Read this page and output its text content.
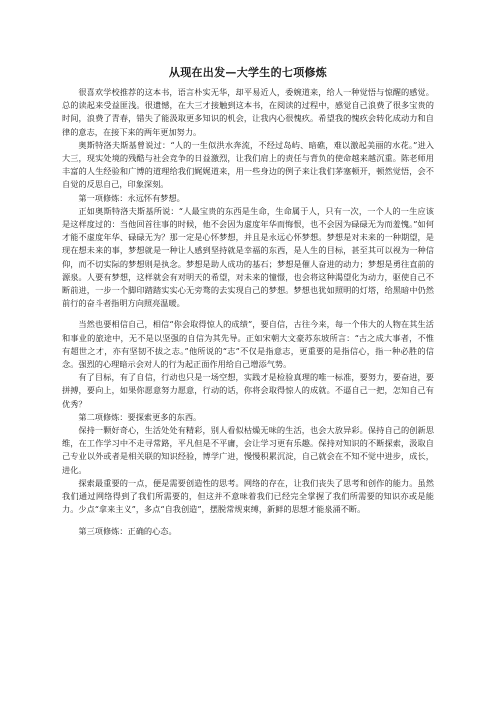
从现在出发—大学生的七项修炼

很喜欢学校推荐的这本书，语言朴实无华，却平易近人，委婉道来，给人一种觉悟与惊醒的感觉。总的读起来受益匪浅。很遗憾，在大三才接触到这本书，在阅读的过程中，感觉自己浪费了很多宝贵的时间，浪费了青春，错失了能汲取更多知识的机会，让我内心很愧疚。希望我的愧疚会转化成动力和自律的意志，在接下来的两年更加努力。

奥斯特洛夫斯基曾说过：“人的一生似洪水奔流，不经过岛屿、暗礁，难以激起美丽的水花。”进入大三，现实处境的残酷与社会竞争的日益激烈，让我们肩上的责任与背负的使命越来越沉重。陈老师用丰富的人生经验和广博的道理给我们娓娓道来，用一些身边的例子来让我们茅塞顿开，顿然觉悟，会不自觉的反思自己，印象深刻。

第一项修炼：永远怀有梦想。

正如奥斯特洛夫斯基所说：“人最宝贵的东西是生命，生命属于人，只有一次，一个人的一生应该是这样度过的：当他回首往事的时候，他不会因为虚度年华而悔恨，也不会因为碌碌无为而羞愧。”如何才能不虚度年华、碌碌无为？那一定是心怀梦想，并且是永远心怀梦想。梦想是对未来的一种期望，是现在想未来的事，梦想就是一种让人感到坚持就是幸福的东西，是人生的目标，甚至其可以视为一种信仰，而不切实际的梦想则是执念。梦想是助人成功的基石；梦想是催人奋进的动力；梦想是勇往直前的源泉。人要有梦想，这样就会有对明天的希望，对未来的憧憬，也会将这种渴望化为动力，驱使自己不断前进，一步一个脚印踏踏实实心无旁骛的去实现自己的梦想。梦想也犹如照明的灯塔，给黑暗中仍然前行的奋斗者指明方向照亮温暖。

当然也要相信自己，相信“你会取得惊人的成绩”，要自信，古往今来，每一个伟大的人物在其生活和事业的旅途中，无不是以坚强的自信为其先导。正如宋朝大文豪苏东坡所言：“古之成大事者，不惟有超世之才，亦有坚韧不拔之志。”他所说的“志”不仅是指意志，更重要的是指信心，指一种必胜的信念。强烈的心理暗示会对人的行为起正面作用给自己增添气势。

有了目标，有了自信，行动也只是一场空想，实践才是检验真理的唯一标准，要努力，要奋进，要拼搏，要向上，如果你愿意努力愿意，行动的话，你将会取得惊人的成就。不逼自己一把，怎知自己有优秀？

第二项修炼：要探索更多的东西。

保持一颗好奇心，生活处处有精彩，别人看似枯燥无味的生活，也会大放异彩。保持自己的创新思维，在工作学习中不走寻常路，平凡但是不平庸，会让学习更有乐趣。保持对知识的不断探索，汲取自己专业以外或者是相关联的知识经验，博学广进，慢慢积累沉淀，自己就会在不知不觉中进步，成长，进化。

探索最重要的一点，便是需要创造性的思考。网络的存在，让我们丧失了思考和创作的能力。虽然我们通过网络得到了我们所需要的，但这并不意味着我们已经完全掌握了我们所需要的知识亦或是能力。少点“拿来主义”，多点“自我创造”，摆脱常规束缚，新鲜的思想才能泉涌不断。

第三项修炼：正确的心态。
